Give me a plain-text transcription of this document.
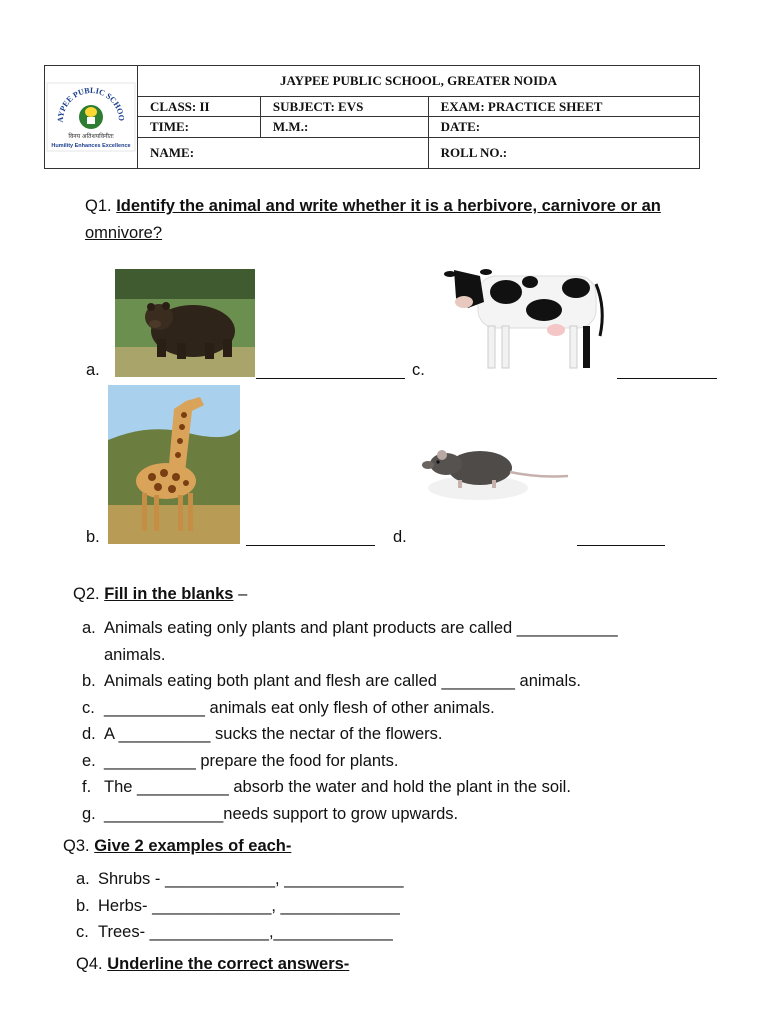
AYPEE PUBLIC SCHOO
विनय अतिशयविनीतः
Humility Enhances Excellence	JAYPEE PUBLIC SCHOOL, GREATER NOIDA		
	CLASS: II	SUBJECT: EVS	EXAM: PRACTICE SHEET
	TIME:	M.M.:	DATE:
	NAME:		ROLL NO.:
Q1. Identify the animal and write whether it is a herbivore, carnivore or an
omnivore?
a.	c.
b.	d.
Q2. Fill in the blanks –
a. Animals eating only plants and plant products are called ___________
animals.
b. Animals eating both plant and flesh are called ________ animals.
c. ___________ animals eat only flesh of other animals.
d. A __________ sucks the nectar of the flowers.
e. __________ prepare the food for plants.
f. The __________ absorb the water and hold the plant in the soil.
g. _____________needs support to grow upwards.
Q3. Give 2 examples of each-
a. Shrubs - ____________, _____________
b. Herbs- _____________, _____________
c. Trees- _____________,_____________
Q4. Underline the correct answers-
